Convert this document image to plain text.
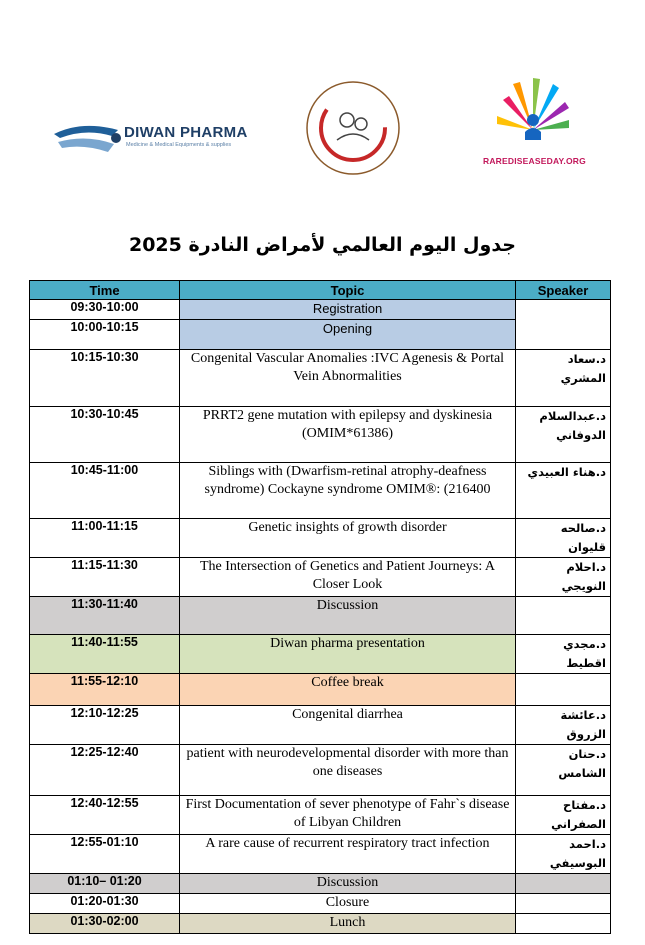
DIWAN PHARMA
Medicine & Medical Equipments & supplies
RAREDISEASEDAY.ORG
جدول اليوم العالمي لأمراض النادرة 2025
Time	Topic	Speaker
09:30-10:00	Registration	
10:00-10:15	Opening	
10:15-10:30	Congenital Vascular Anomalies :IVC Agenesis & Portal Vein Abnormalities	د.سعاد المشري
10:30-10:45	PRRT2 gene mutation with epilepsy and dyskinesia (OMIM*61386)	د.عبدالسلام الدوفاني
10:45-11:00	Siblings with (Dwarfism-retinal atrophy-deafness syndrome) Cockayne syndrome OMIM®: (216400	د.هناء العبيدي
11:00-11:15	Genetic insights of growth disorder	د.صالحه قليوان
11:15-11:30	The Intersection of Genetics and Patient Journeys: A Closer Look	د.احلام النويجي
11:30-11:40	Discussion	
11:40-11:55	Diwan pharma presentation	د.مجدي اقطيط
11:55-12:10	Coffee break	
12:10-12:25	Congenital diarrhea	د.عائشة الزروق
12:25-12:40	patient with neurodevelopmental disorder with more than one diseases	د.حنان الشامس
12:40-12:55	First Documentation of sever phenotype of Fahr`s disease of Libyan Children	د.مفتاح الصفراني
12:55-01:10	A rare cause of recurrent respiratory tract infection	د.احمد البوسيفي
01:10– 01:20	Discussion	
01:20-01:30	Closure	
01:30-02:00	Lunch	
